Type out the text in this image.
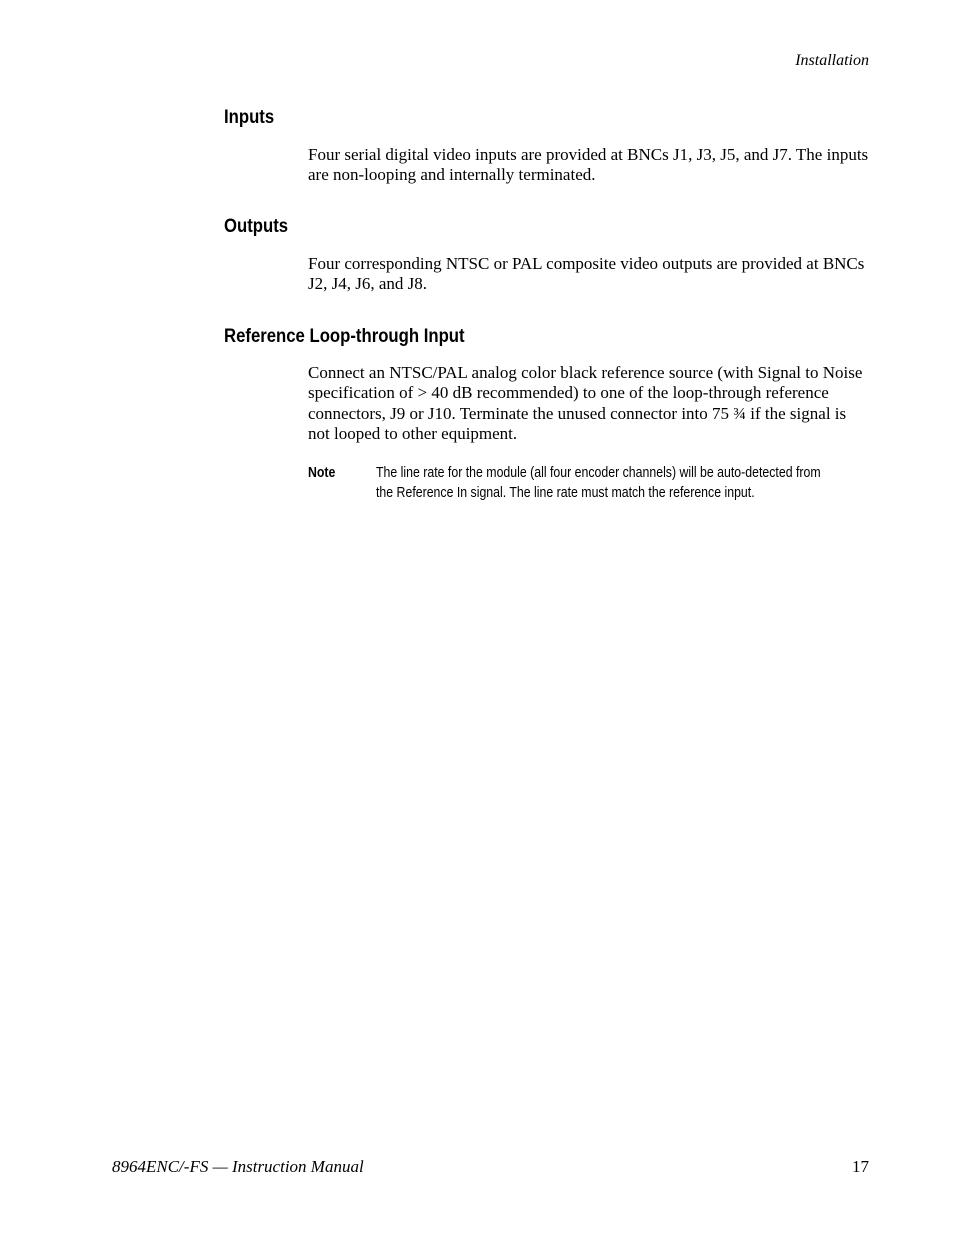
Installation
Inputs

Four serial digital video inputs are provided at BNCs J1, J3, J5, and J7. The inputs are non-looping and internally terminated.

Outputs

Four corresponding NTSC or PAL composite video outputs are provided at BNCs J2, J4, J6, and J8.

Reference Loop-through Input

Connect an NTSC/PAL analog color black reference source (with Signal to Noise specification of > 40 dB recommended) to one of the loop-through reference connectors, J9 or J10. Terminate the unused connector into 75 ¾ if the signal is not looped to other equipment.

Note	The line rate for the module (all four encoder channels) will be auto-detected from the Reference In signal. The line rate must match the reference input.

8964ENC/-FS — Instruction Manual	17
